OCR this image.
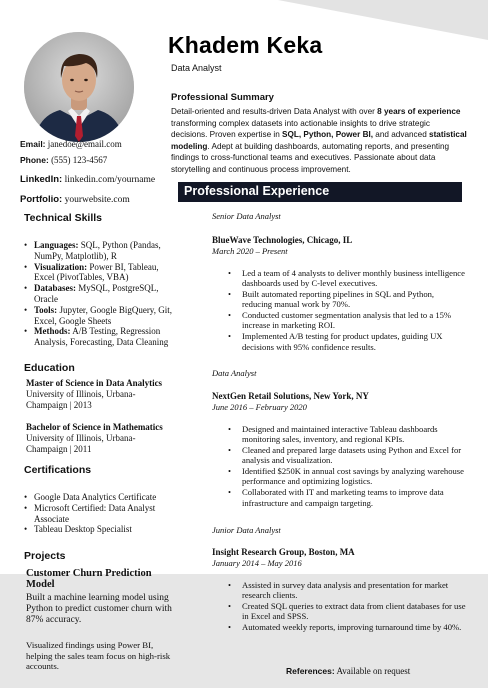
Khadem Keka
Data Analyst
Professional Summary
Detail-oriented and results-driven Data Analyst with over 8 years of experience transforming complex datasets into actionable insights to drive strategic decisions. Proven expertise in SQL, Python, Power BI, and advanced statistical modeling. Adept at building dashboards, automating reports, and presenting findings to cross-functional teams and executives. Passionate about data storytelling and continuous process improvement.
Email: janedoe@email.com
Phone: (555) 123-4567
LinkedIn: linkedin.com/yourname
Portfolio: yourwebsite.com
Technical Skills
• Languages: SQL, Python (Pandas, NumPy, Matplotlib), R
• Visualization: Power BI, Tableau, Excel (PivotTables, VBA)
• Databases: MySQL, PostgreSQL, Oracle
• Tools: Jupyter, Google BigQuery, Git, Excel, Google Sheets
• Methods: A/B Testing, Regression Analysis, Forecasting, Data Cleaning
Education
Master of Science in Data Analytics
University of Illinois, Urbana-Champaign | 2013
Bachelor of Science in Mathematics
University of Illinois, Urbana-Champaign | 2011
Certifications
• Google Data Analytics Certificate
• Microsoft Certified: Data Analyst Associate
• Tableau Desktop Specialist
Projects
Customer Churn Prediction Model
Built a machine learning model using Python to predict customer churn with 87% accuracy.
Visualized findings using Power BI, helping the sales team focus on high-risk accounts.
Professional Experience
Senior Data Analyst
BlueWave Technologies, Chicago, IL
March 2020 – Present
• Led a team of 4 analysts to deliver monthly business intelligence dashboards used by C-level executives.
• Built automated reporting pipelines in SQL and Python, reducing manual work by 70%.
• Conducted customer segmentation analysis that led to a 15% increase in marketing ROI.
• Implemented A/B testing for product updates, guiding UX decisions with 95% confidence results.
Data Analyst
NextGen Retail Solutions, New York, NY
June 2016 – February 2020
• Designed and maintained interactive Tableau dashboards monitoring sales, inventory, and regional KPIs.
• Cleaned and prepared large datasets using Python and Excel for analysis and visualization.
• Identified $250K in annual cost savings by analyzing warehouse performance and optimizing logistics.
• Collaborated with IT and marketing teams to improve data infrastructure and campaign targeting.
Junior Data Analyst
Insight Research Group, Boston, MA
January 2014 – May 2016
• Assisted in survey data analysis and presentation for market research clients.
• Created SQL queries to extract data from client databases for use in Excel and SPSS.
• Automated weekly reports, improving turnaround time by 40%.
References: Available on request
